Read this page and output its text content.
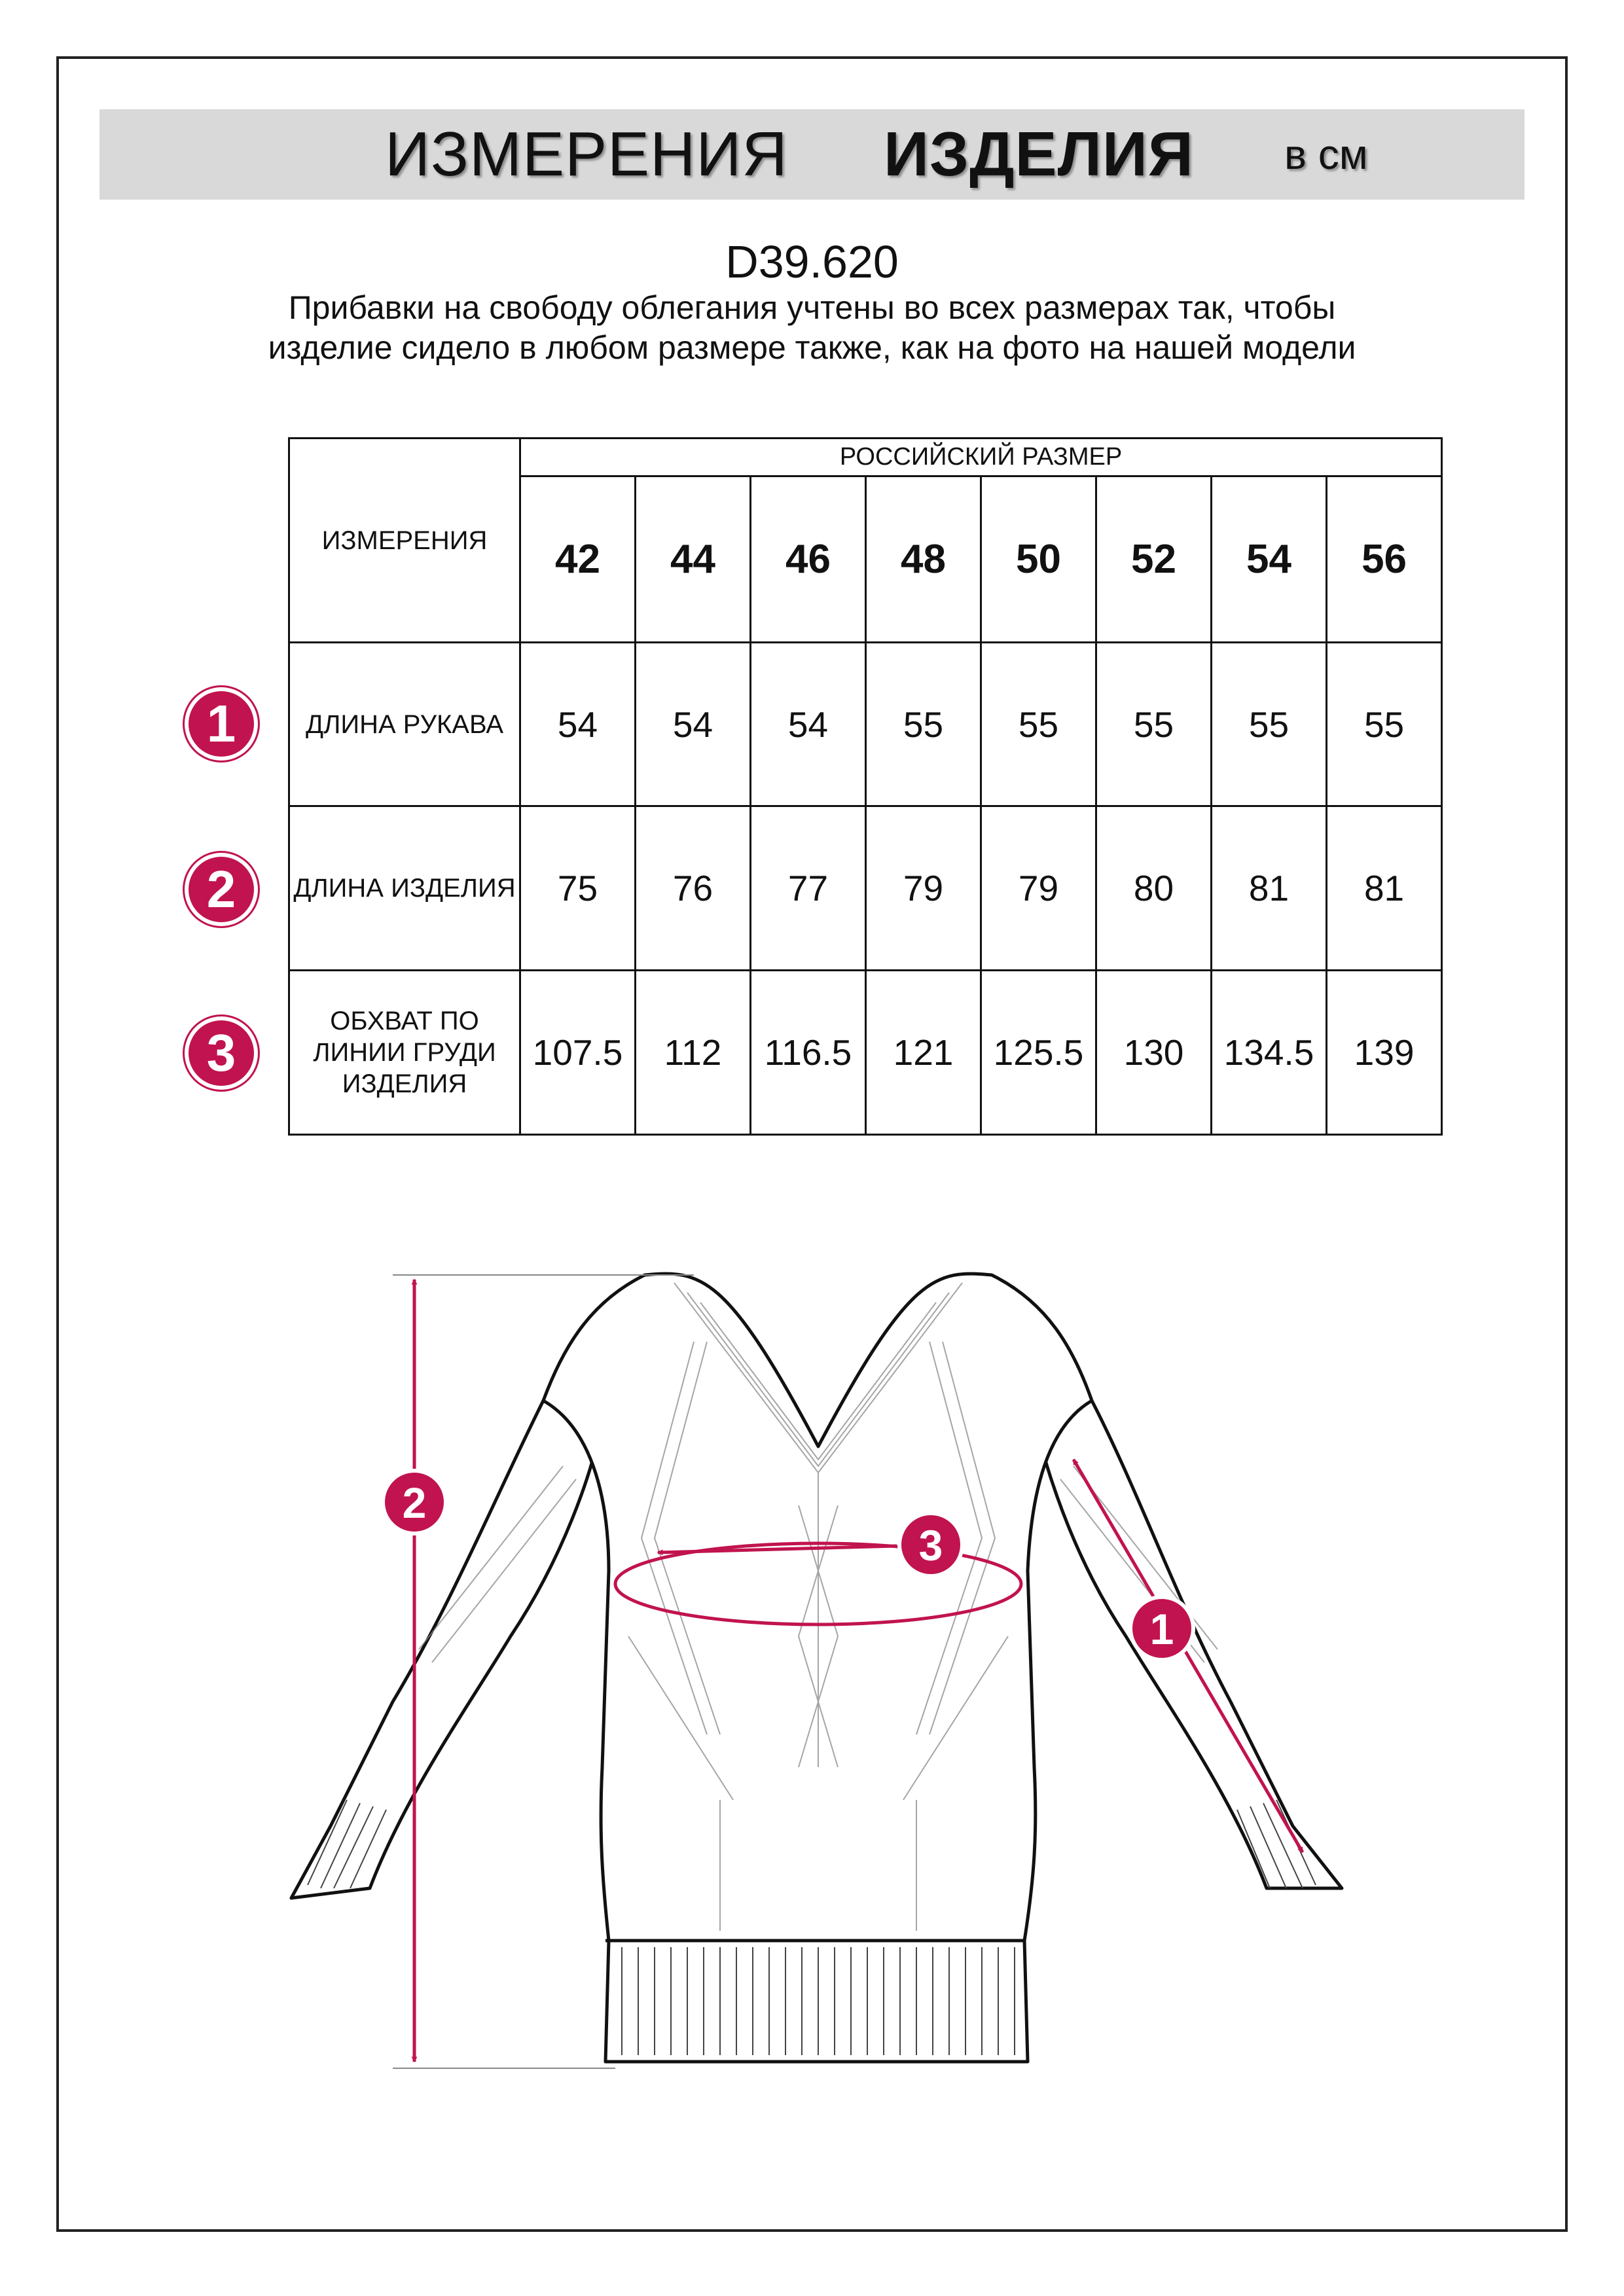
ИЗМЕРЕНИЯ ИЗДЕЛИЯ в см
D39.620
Прибавки на свободу облегания учтены во всех размерах так, чтобы изделие сидело в любом размере также, как на фото на нашей модели
ИЗМЕРЕНИЯ	РОССИЙСКИЙ РАЗМЕР							
	42	44	46	48	50	52	54	56
ДЛИНА РУКАВА	54	54	54	55	55	55	55	55
ДЛИНА ИЗДЕЛИЯ	75	76	77	79	79	80	81	81
ОБХВАТ ПО ЛИНИИ ГРУДИ ИЗДЕЛИЯ	107.5	112	116.5	121	125.5	130	134.5	139
1
2
3
1
2
3
